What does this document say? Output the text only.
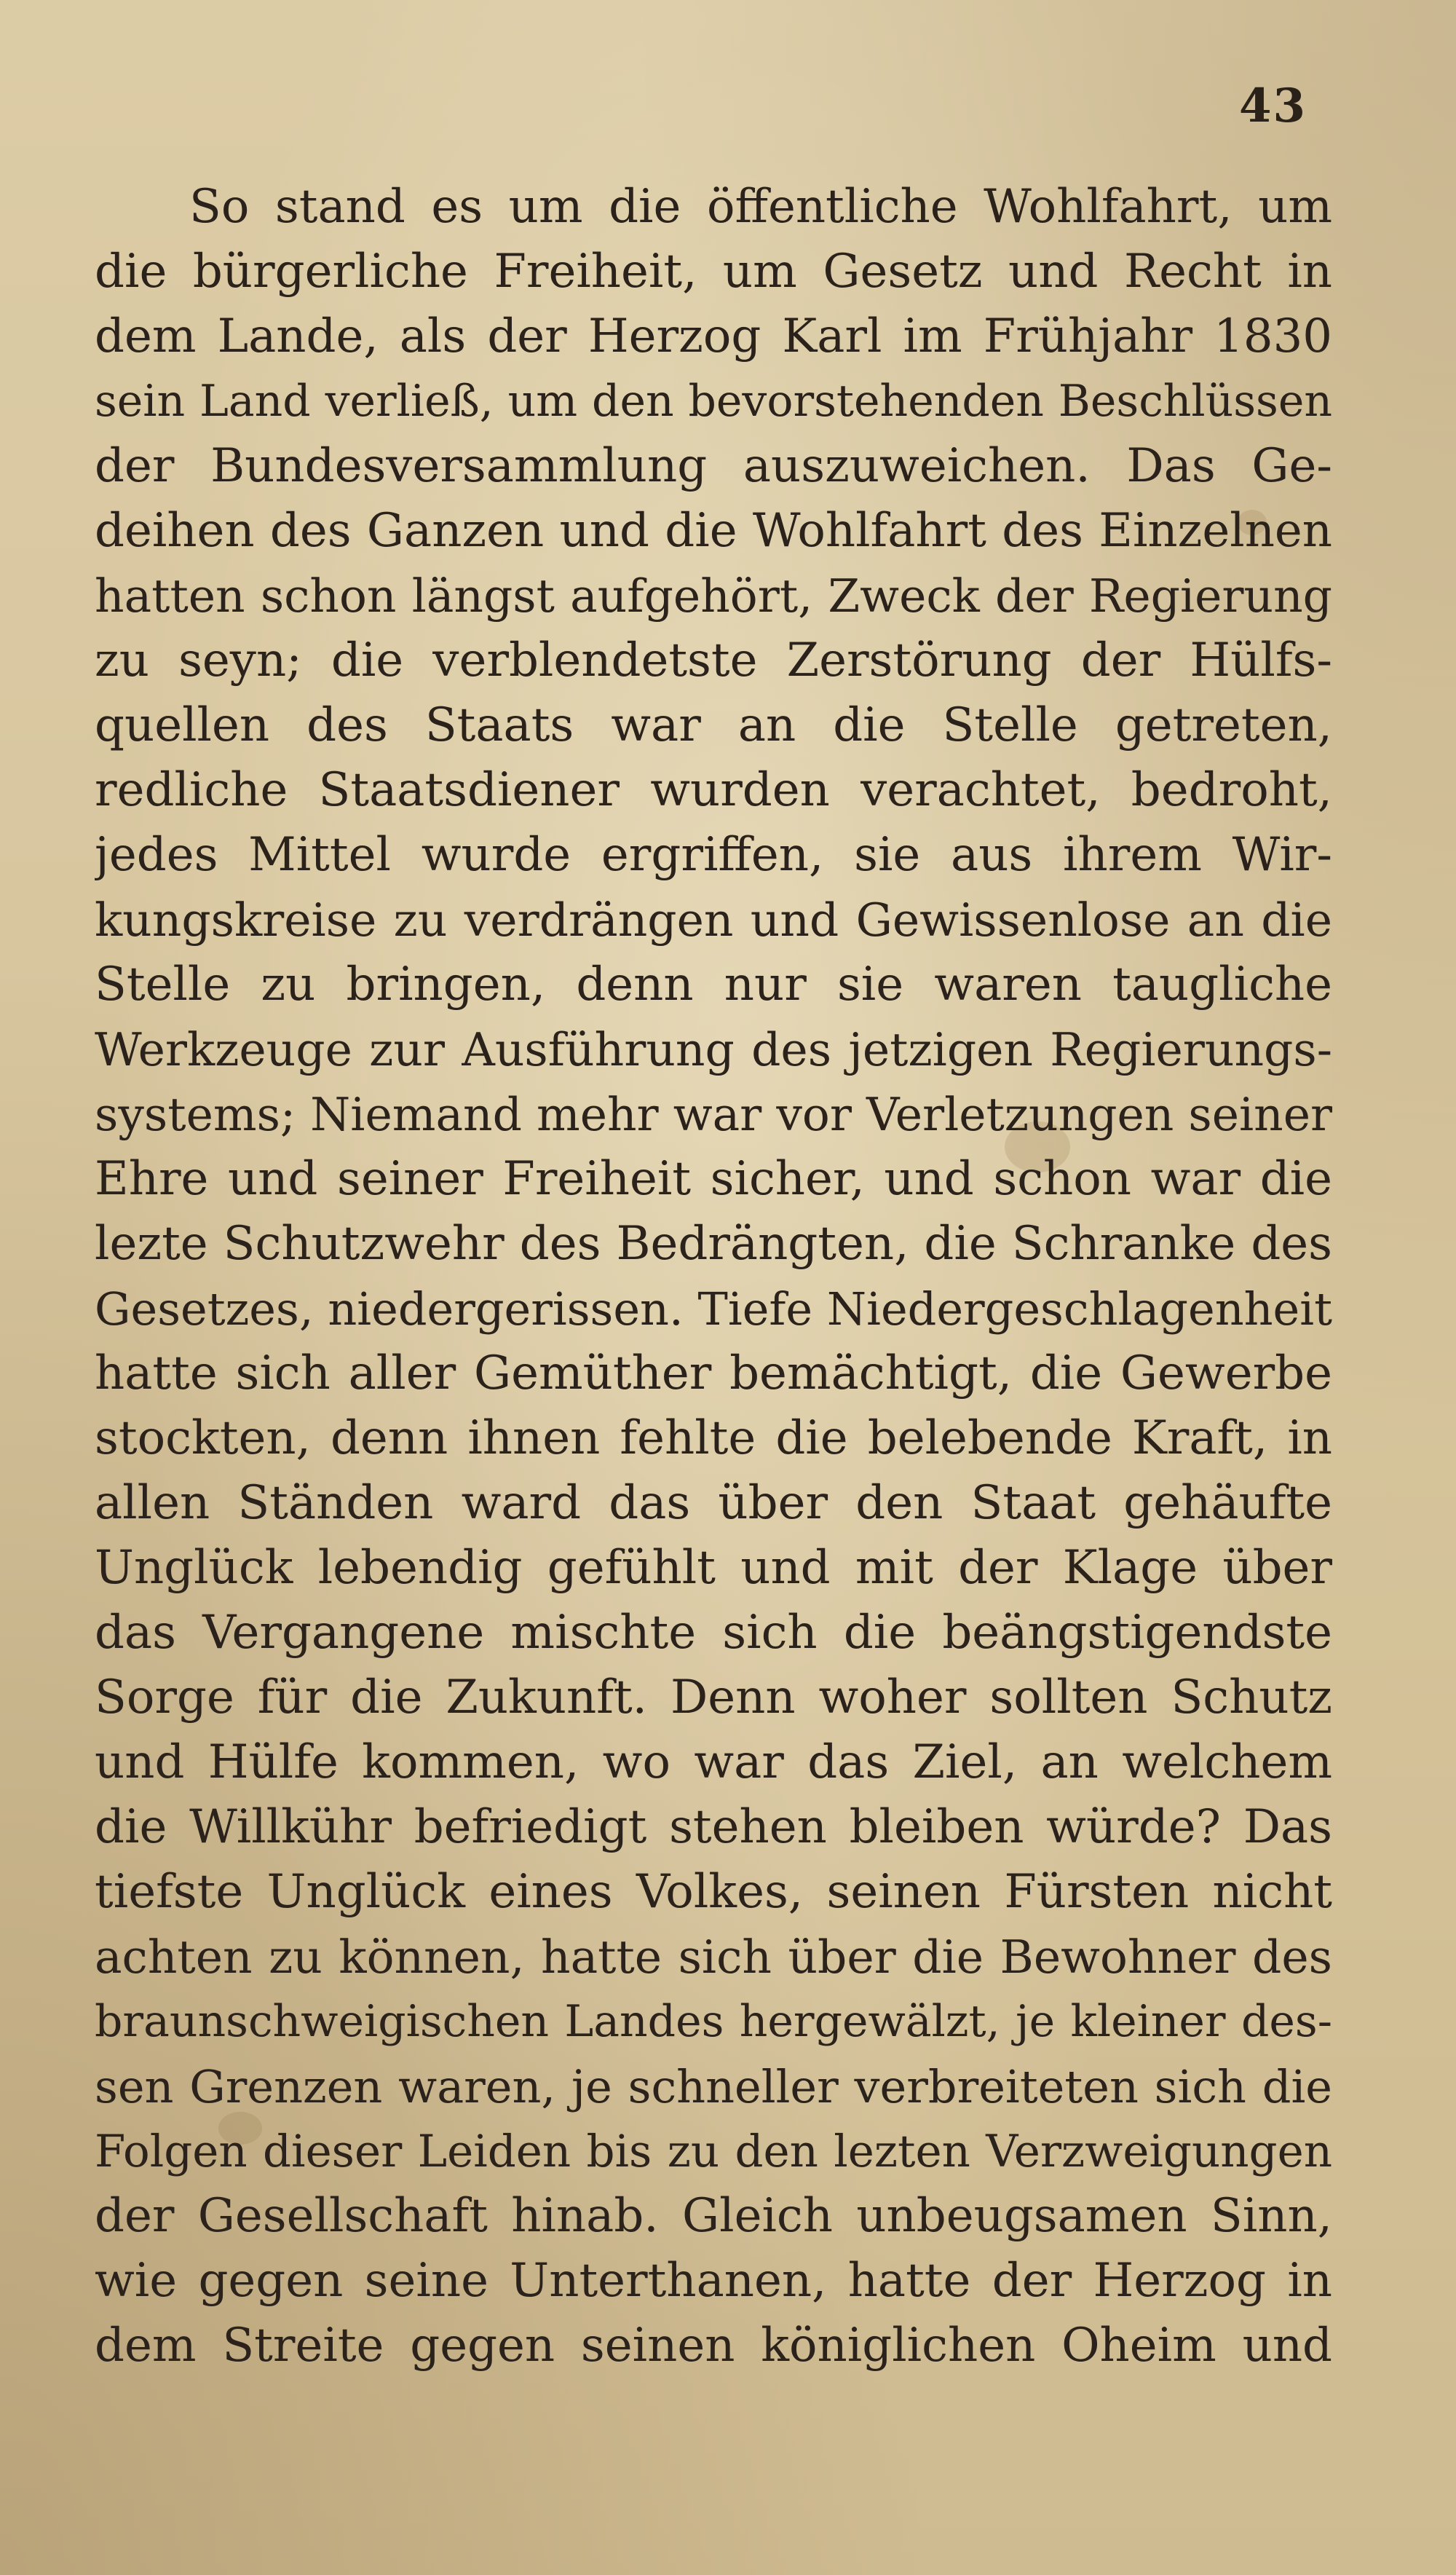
43
So stand es um die öffentliche Wohlfahrt, um
die bürgerliche Freiheit, um Gesetz und Recht in
dem Lande, als der Herzog Karl im Frühjahr 1830
sein Land verließ, um den bevorstehenden Beschlüssen
der Bundesversammlung auszuweichen. Das Ge-
deihen des Ganzen und die Wohlfahrt des Einzelnen
hatten schon längst aufgehört, Zweck der Regierung
zu seyn; die verblendetste Zerstörung der Hülfs-
quellen des Staats war an die Stelle getreten,
redliche Staatsdiener wurden verachtet, bedroht,
jedes Mittel wurde ergriffen, sie aus ihrem Wir-
kungskreise zu verdrängen und Gewissenlose an die
Stelle zu bringen, denn nur sie waren taugliche
Werkzeuge zur Ausführung des jetzigen Regierungs-
systems; Niemand mehr war vor Verletzungen seiner
Ehre und seiner Freiheit sicher, und schon war die
lezte Schutzwehr des Bedrängten, die Schranke des
Gesetzes, niedergerissen. Tiefe Niedergeschlagenheit
hatte sich aller Gemüther bemächtigt, die Gewerbe
stockten, denn ihnen fehlte die belebende Kraft, in
allen Ständen ward das über den Staat gehäufte
Unglück lebendig gefühlt und mit der Klage über
das Vergangene mischte sich die beängstigendste
Sorge für die Zukunft. Denn woher sollten Schutz
und Hülfe kommen, wo war das Ziel, an welchem
die Willkühr befriedigt stehen bleiben würde? Das
tiefste Unglück eines Volkes, seinen Fürsten nicht
achten zu können, hatte sich über die Bewohner des
braunschweigischen Landes hergewälzt, je kleiner des-
sen Grenzen waren, je schneller verbreiteten sich die
Folgen dieser Leiden bis zu den lezten Verzweigungen
der Gesellschaft hinab. Gleich unbeugsamen Sinn,
wie gegen seine Unterthanen, hatte der Herzog in
dem Streite gegen seinen königlichen Oheim und
